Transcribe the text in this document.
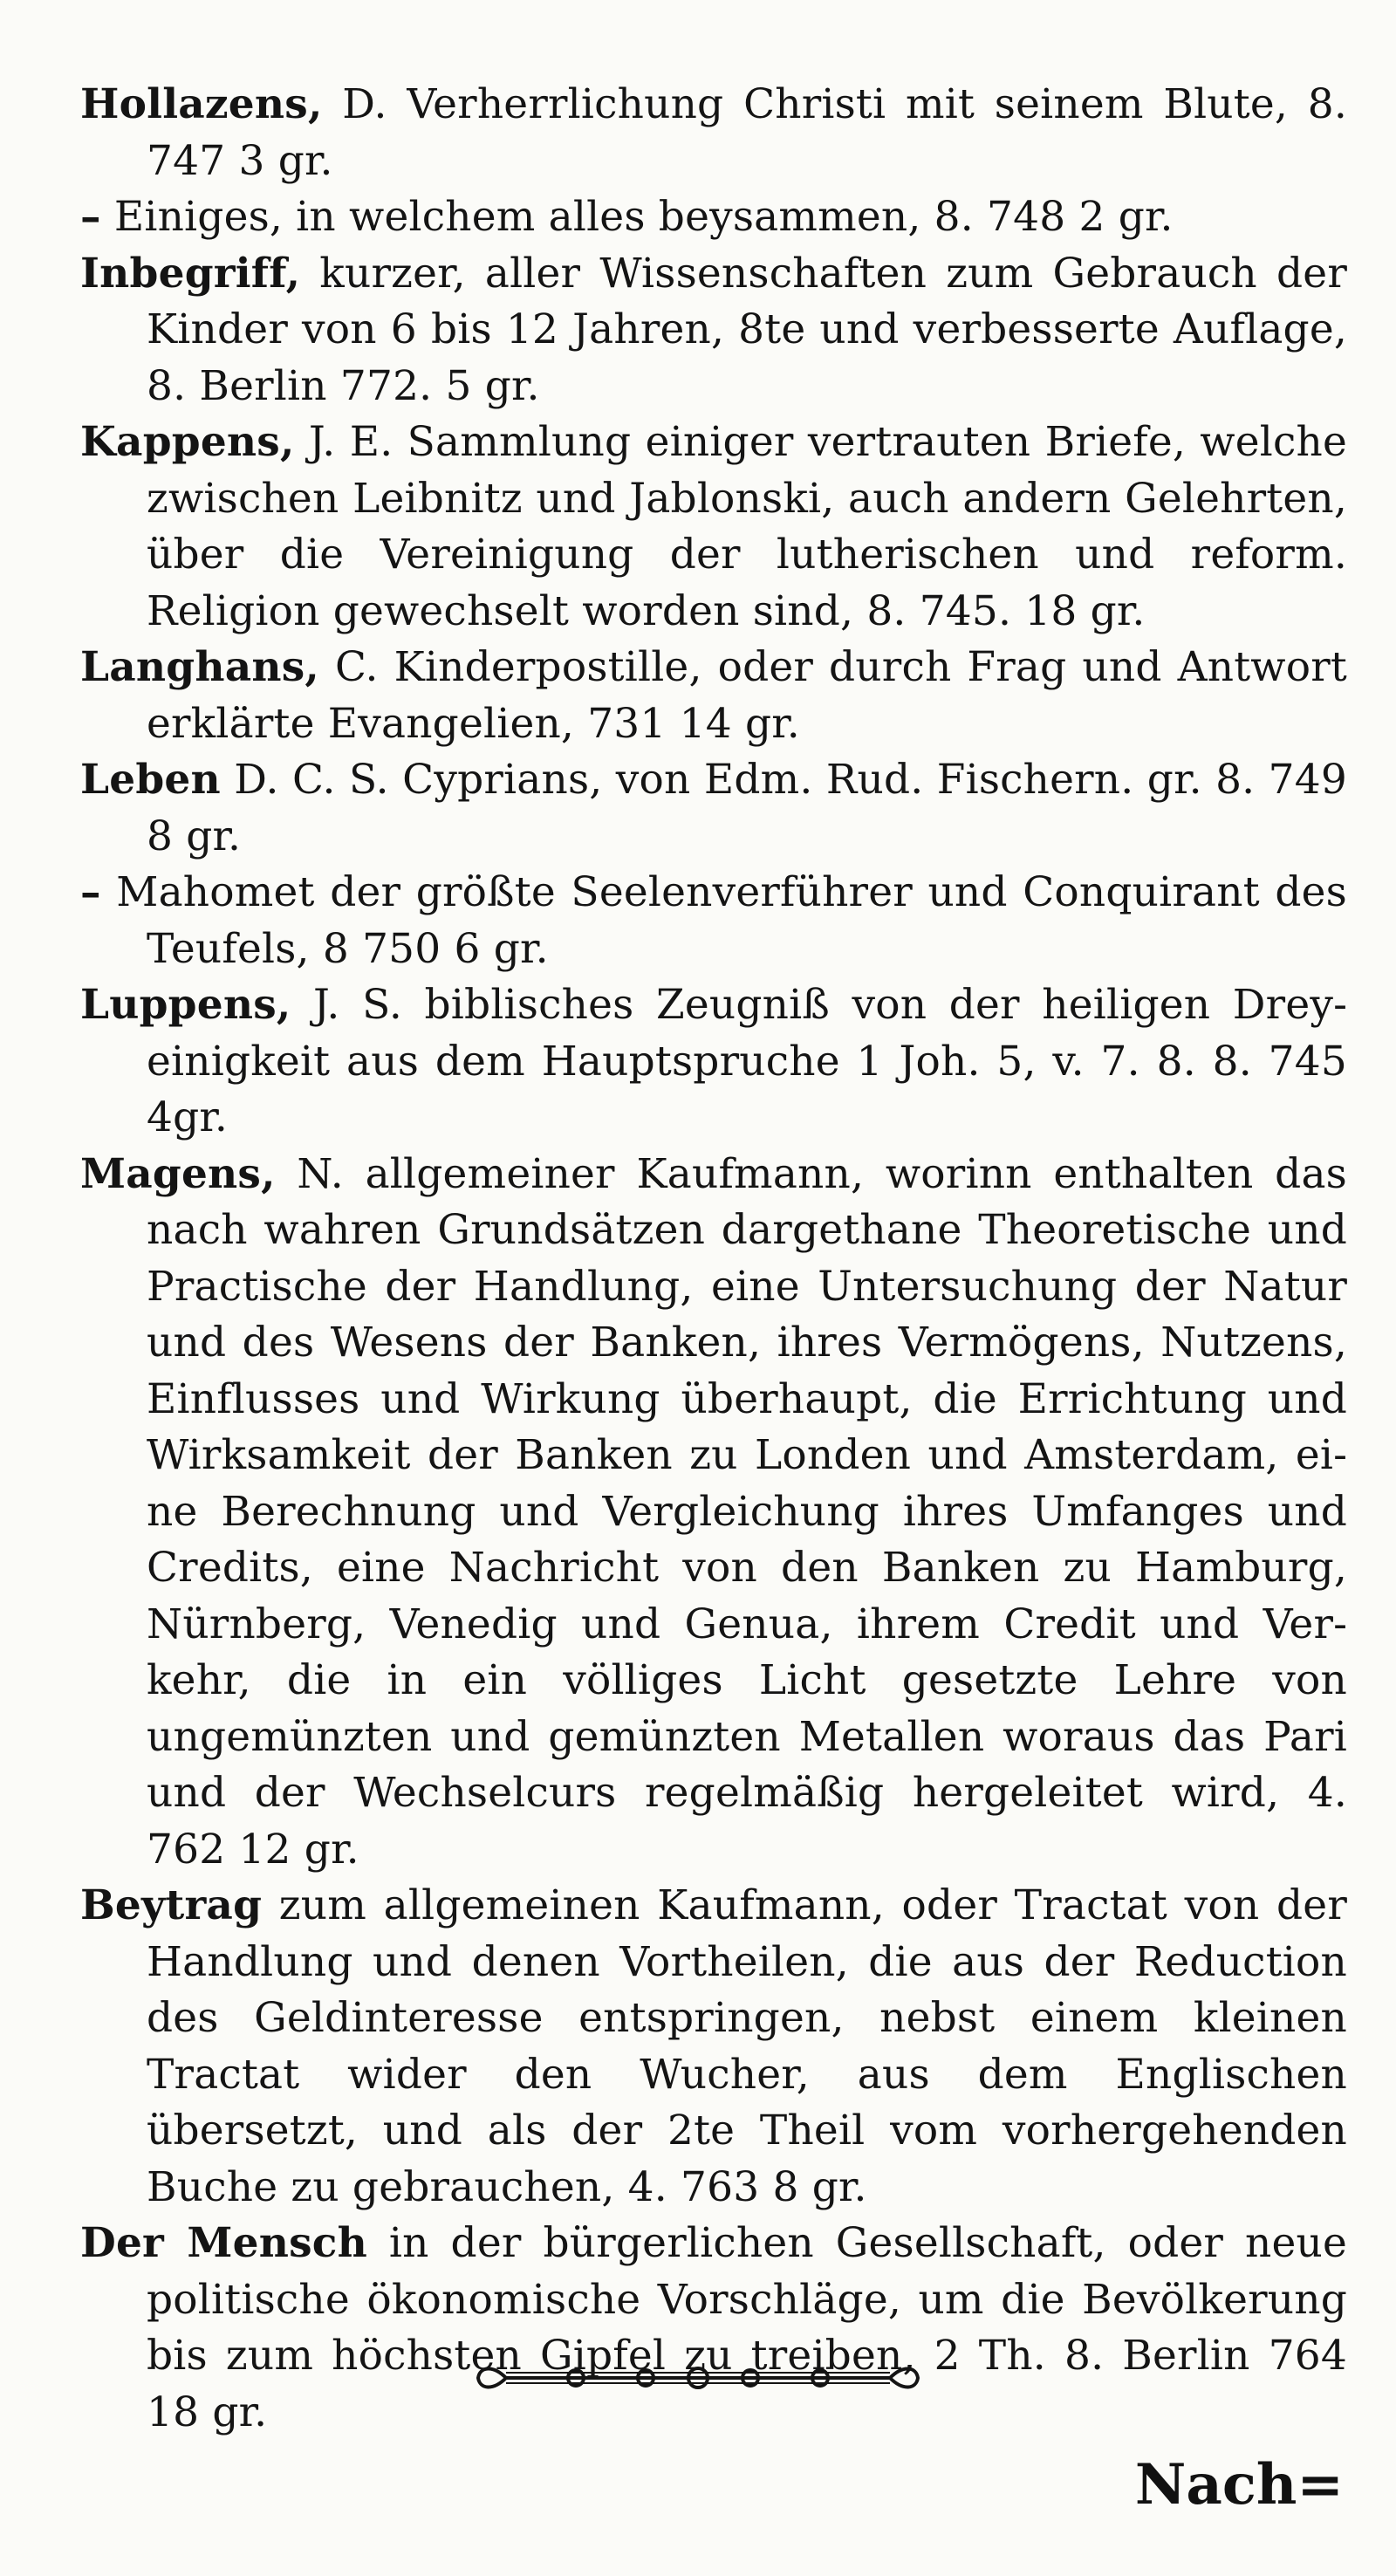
Hollazens, D. Verherrlichung Christi mit seinem Blute, 8. 747 3 gr.

– Einiges, in welchem alles beysammen, 8. 748 2 gr.

Inbegriff, kurzer, aller Wissenschaften zum Gebrauch der Kinder von 6 bis 12 Jahren, 8te und verbesserte Auflage, 8. Berlin 772. 5 gr.

Kappens, J. E. Sammlung einiger vertrauten Briefe, welche zwischen Leibnitz und Jablonski, auch andern Gelehrten, über die Vereinigung der lutherischen und reform. Religion gewechselt worden sind, 8. 745. 18 gr.

Langhans, C. Kinderpostille, oder durch Frag und Antwort erklärte Evangelien, 731 14 gr.

Leben D. C. S. Cyprians, von Edm. Rud. Fischern. gr. 8. 749 8 gr.

– Mahomet der größte Seelenverführer und Conquirant des Teufels, 8 750 6 gr.

Luppens, J. S. biblisches Zeugniß von der heiligen Dreyeinigkeit aus dem Hauptspruche 1 Joh. 5, v. 7. 8. 8. 745 4gr.

Magens, N. allgemeiner Kaufmann, worinn enthalten das nach wahren Grundsätzen dargethane Theoretische und Practische der Handlung, eine Untersuchung der Natur und des Wesens der Banken, ihres Vermögens, Nutzens, Einflusses und Wirkung überhaupt, die Errichtung und Wirksamkeit der Banken zu Londen und Amsterdam, eine Berechnung und Vergleichung ihres Umfanges und Credits, eine Nachricht von den Banken zu Hamburg, Nürnberg, Venedig und Genua, ihrem Credit und Verkehr, die in ein völliges Licht gesetzte Lehre von ungemünzten und gemünzten Metallen woraus das Pari und der Wechselcurs regelmäßig hergeleitet wird, 4. 762 12 gr.

Beytrag zum allgemeinen Kaufmann, oder Tractat von der Handlung und denen Vortheilen, die aus der Reduction des Geldinteresse entspringen, nebst einem kleinen Tractat wider den Wucher, aus dem Englischen übersetzt, und als der 2te Theil vom vorhergehenden Buche zu gebrauchen, 4. 763 8 gr.

Der Mensch in der bürgerlichen Gesellschaft, oder neue politische ökonomische Vorschläge, um die Bevölkerung bis zum höchsten Gipfel zu treiben, 2 Th. 8. Berlin 764 18 gr.

Nach=
